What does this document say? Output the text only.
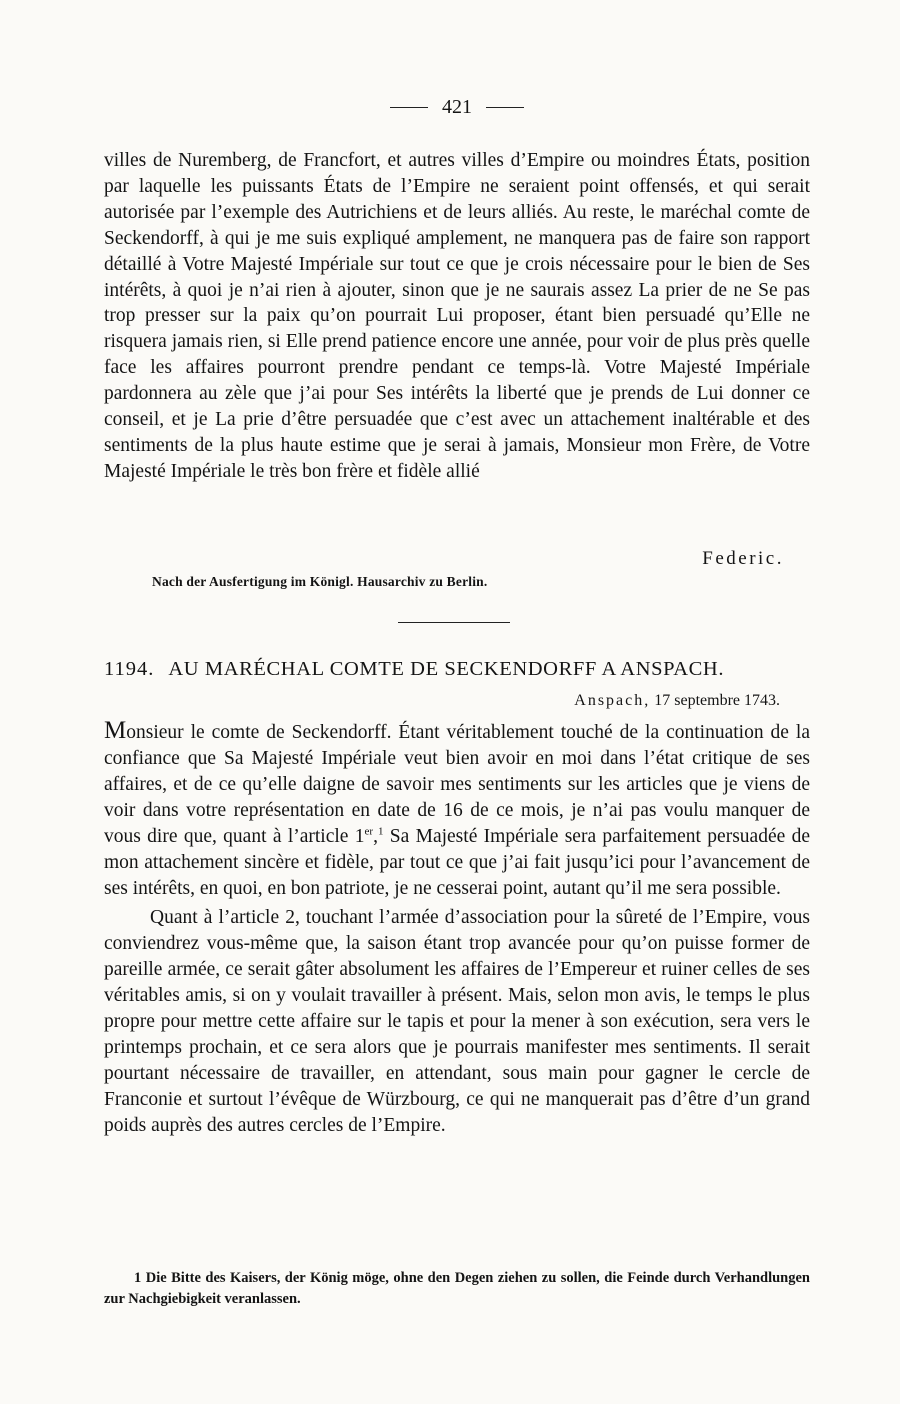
421

villes de Nuremberg, de Francfort, et autres villes d’Empire ou moindres États, position par laquelle les puissants États de l’Empire ne seraient point offensés, et qui serait autorisée par l’exemple des Autrichiens et de leurs alliés. Au reste, le maréchal comte de Seckendorff, à qui je me suis expliqué amplement, ne manquera pas de faire son rapport détaillé à Votre Majesté Impériale sur tout ce que je crois nécessaire pour le bien de Ses intérêts, à quoi je n’ai rien à ajouter, sinon que je ne saurais assez La prier de ne Se pas trop presser sur la paix qu’on pourrait Lui proposer, étant bien persuadé qu’Elle ne risquera jamais rien, si Elle prend patience encore une année, pour voir de plus près quelle face les affaires pourront prendre pendant ce temps-là. Votre Majesté Impériale pardonnera au zèle que j’ai pour Ses intérêts la liberté que je prends de Lui donner ce conseil, et je La prie d’être persuadée que c’est avec un attachement inaltérable et des sentiments de la plus haute estime que je serai à jamais, Monsieur mon Frère, de Votre Majesté Impériale le très bon frère et fidèle allié

Federic.
Nach der Ausfertigung im Königl. Hausarchiv zu Berlin.
1194. AU MARÉCHAL COMTE DE SECKENDORFF A ANSPACH.
Anspach, 17 septembre 1743.

Monsieur le comte de Seckendorff. Étant véritablement touché de la continuation de la confiance que Sa Majesté Impériale veut bien avoir en moi dans l’état critique de ses affaires, et de ce qu’elle daigne de savoir mes sentiments sur les articles que je viens de voir dans votre représentation en date de 16 de ce mois, je n’ai pas voulu manquer de vous dire que, quant à l’article 1er,$^1$ Sa Majesté Impériale sera parfaitement persuadée de mon attachement sincère et fidèle, par tout ce que j’ai fait jusqu’ici pour l’avancement de ses intérêts, en quoi, en bon patriote, je ne cesserai point, autant qu’il me sera possible.

Quant à l’article 2, touchant l’armée d’association pour la sûreté de l’Empire, vous conviendrez vous-même que, la saison étant trop avancée pour qu’on puisse former de pareille armée, ce serait gâter absolument les affaires de l’Empereur et ruiner celles de ses véritables amis, si on y voulait travailler à présent. Mais, selon mon avis, le temps le plus propre pour mettre cette affaire sur le tapis et pour la mener à son exécution, sera vers le printemps prochain, et ce sera alors que je pourrais manifester mes sentiments. Il serait pourtant nécessaire de travailler, en attendant, sous main pour gagner le cercle de Franconie et surtout l’évêque de Würzbourg, ce qui ne manquerait pas d’être d’un grand poids auprès des autres cercles de l’Empire.

1 Die Bitte des Kaisers, der König möge, ohne den Degen ziehen zu sollen, die Feinde durch Verhandlungen zur Nachgiebigkeit veranlassen.
